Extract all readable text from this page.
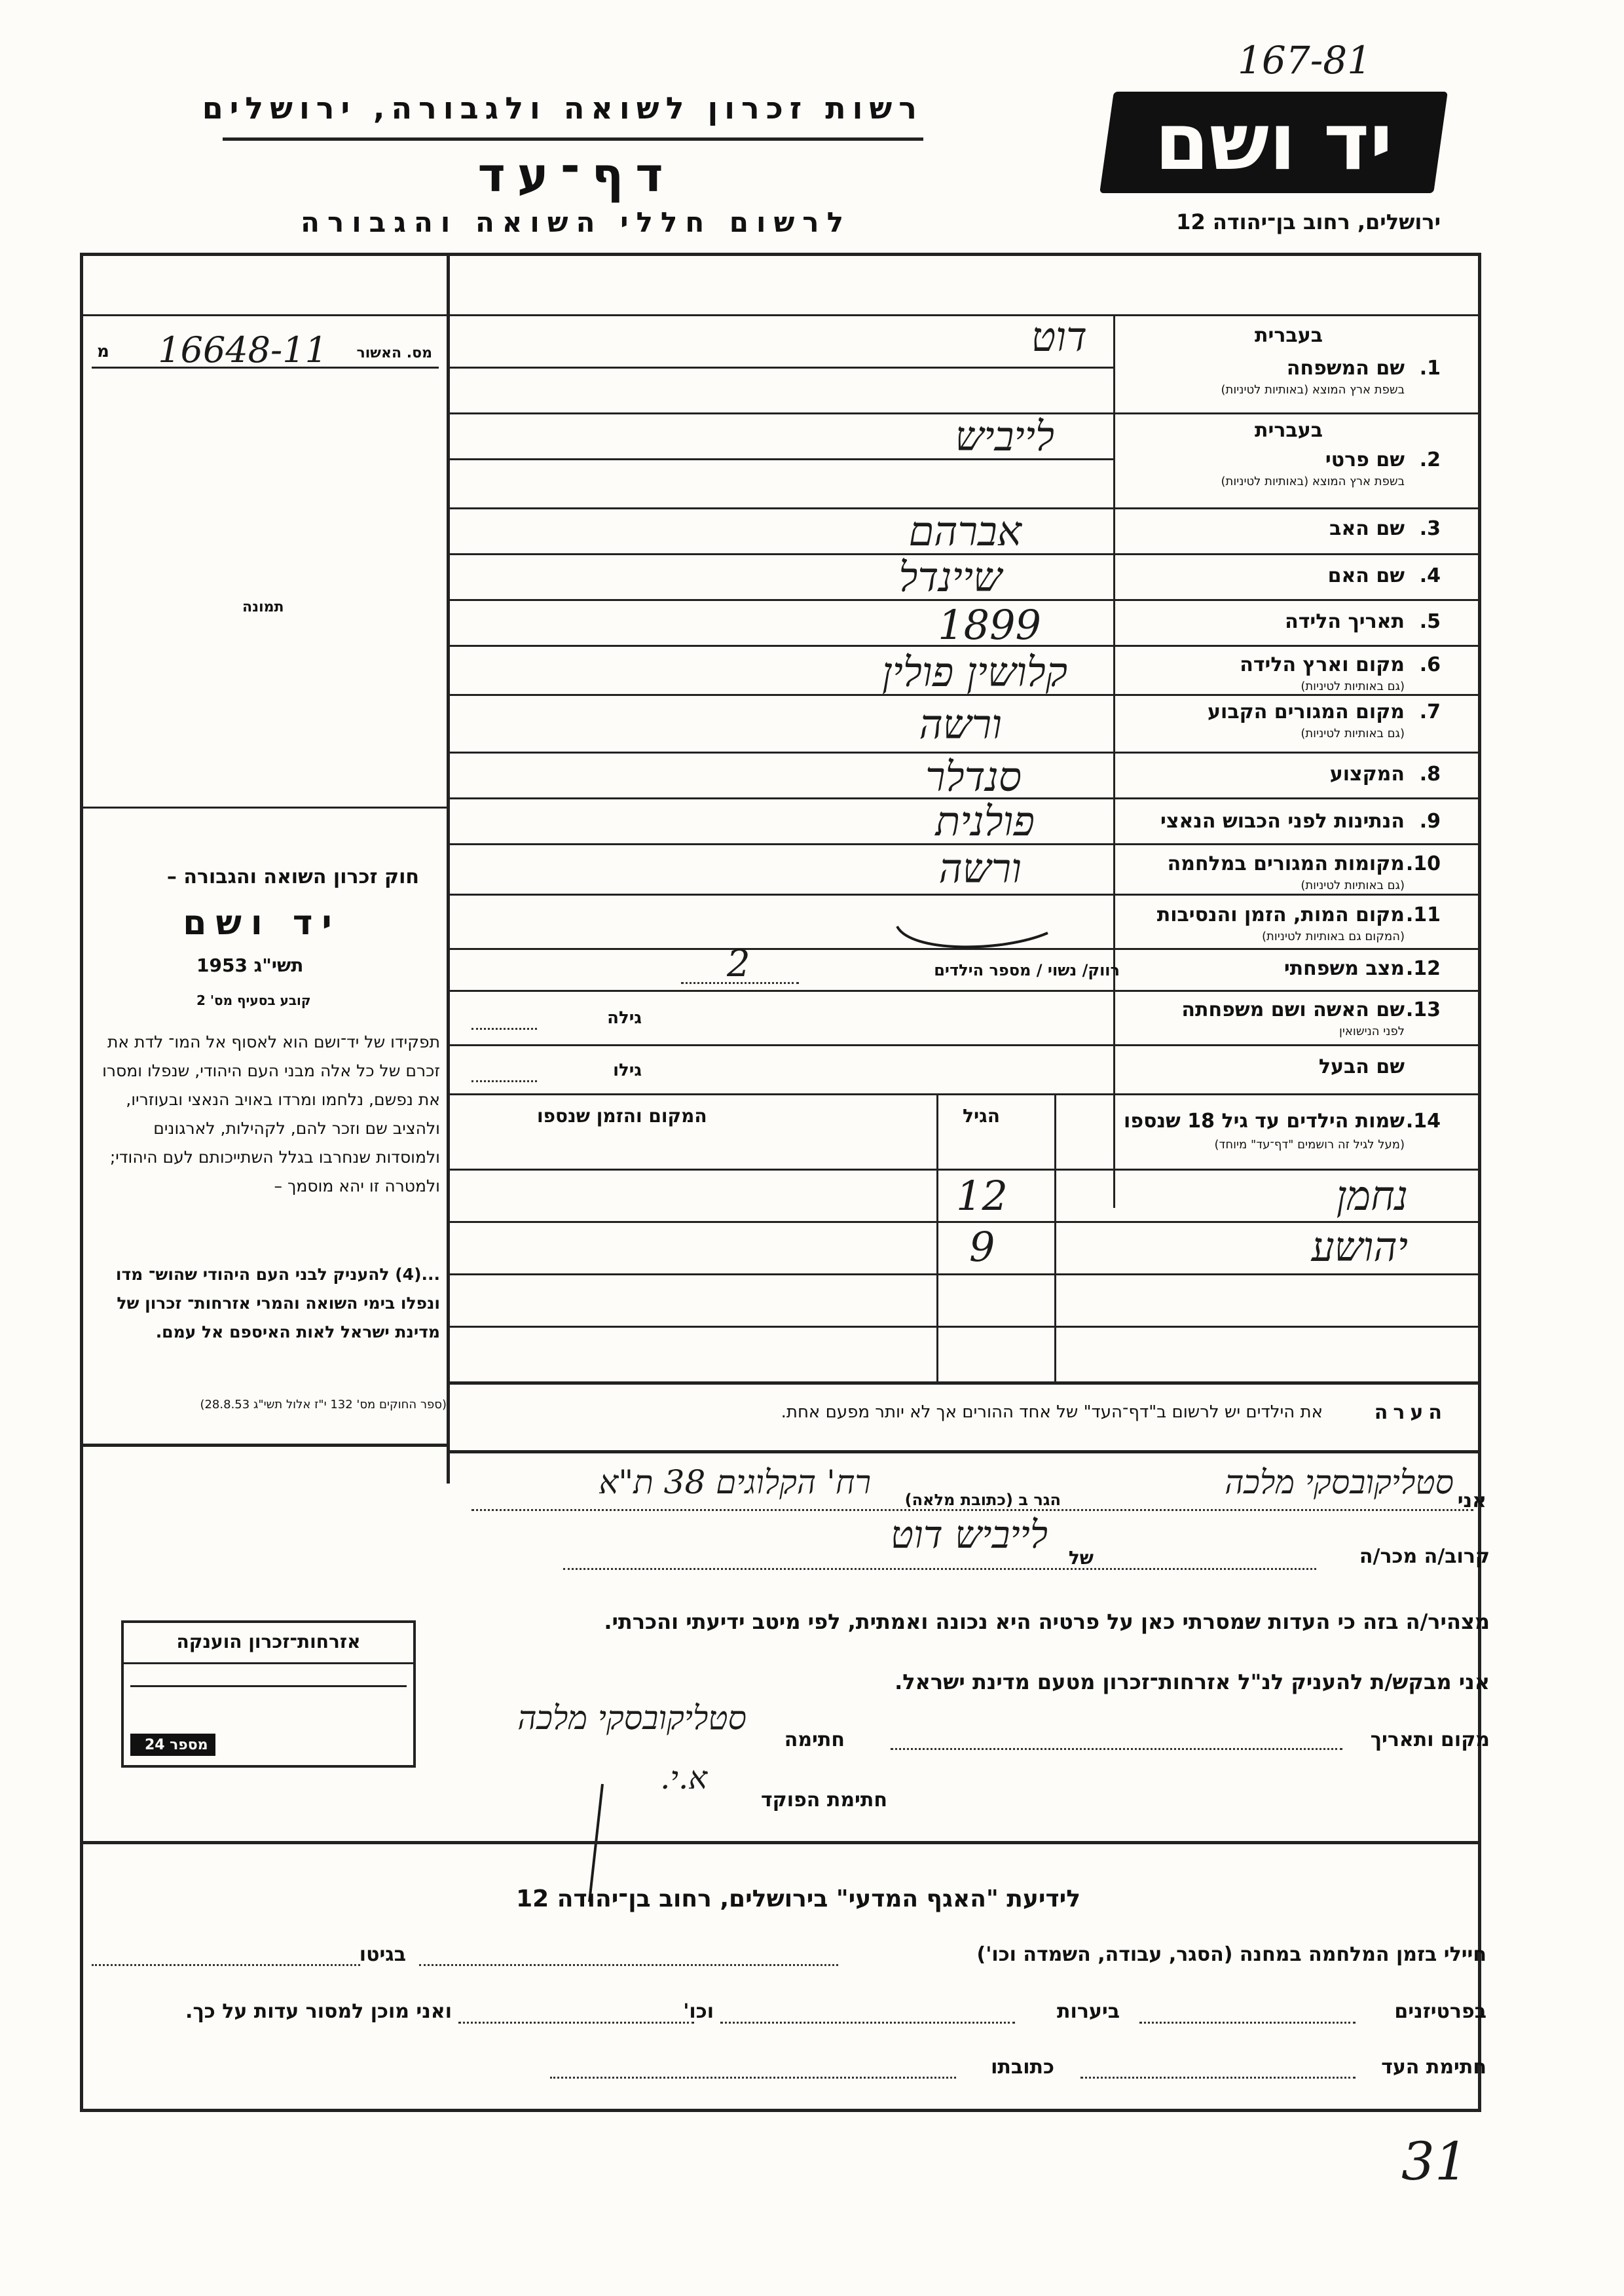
167-81
יד ושם
רשות זכרון לשואה ולגבורה, ירושלים
דף־עד
לרשום חללי השואה והגבורה	ירושלים, רחוב בן־יהודה 12
מס. האשור
16648-11
מ
תמונה
חוק זכרון השואה והגבורה –
יד ושם
תשי"ג 1953
קובע בסעיף מס' 2
תפקידו של יד־ושם הוא לאסוף אל המו־ לדת את זכרם של כל אלה מבני העם היהודי, שנפלו ומסרו את נפשם, נלחמו ומרדו באויב הנאצי ובעוזריו, ולהציב שם וזכר להם, לקהילות, לארגונים ולמוסדות שנחרבו בגלל השתייכותם לעם היהודי; ולמטרה זו יהא מוסמך –
...(4) להעניק לבני העם היהודי שהוש־ מדו ונפלו בימי השואה והמרי אזרחות־ זכרון של מדינת ישראל לאות האיספם אל עמם.
(ספר החוקים מס' 132 י"ז אלול תשי"ג 28.8.53)
בעברית
1.
שם המשפחה
בשפת ארץ המוצא (באותיות לטיניות)
בעברית
2.
שם פרטי
בשפת ארץ המוצא (באותיות לטיניות)
3.
שם האב
4.
שם האם
5.
תאריך הלידה
6.
מקום וארץ הלידה
(גם באותיות לטיניות)
7.
מקום המגורים הקבוע
(גם באותיות לטיניות)
8.
המקצוע
9.
הנתינות לפני הכבוש הנאצי
10.
מקומות המגורים במלחמה
(גם באותיות לטיניות)
11.
מקום המות, הזמן והנסיבות
(המקום גם באותיות לטיניות)
דוט
לייביש
אברהם
שיינדל
1899
קלושין פולין
ורשה
סנדלר
פולנית
ורשה
12.
מצב משפחתי
רווק/ נשוי / מספר הילדים
2
13.
שם האשה ושם משפחתה
לפני הנישואין
גילה
שם הבעל
גילו
14.
שמות הילדים עד גיל 18 שנספו
(מעל לגיל זה רושמים "דף־עד" מיוחד)
הגיל
המקום והזמן שנספו
נחמן
12
יהושע
9
הערה
את הילדים יש לרשום ב"דף־העד" של אחד ההורים אך לא יותר מפעם אחת.
אני
סטליקובסקי מלכה
הגר ב (כתובת מלאה)
רח' הקלוגים 38 ת"א
קרוב/ה מכר/ה
של
לייביש דוט
מצהיר/ה בזה כי העדות שמסרתי כאן על פרטיה היא נכונה ואמתית, לפי מיטב ידיעתי והכרתי.
אני מבקש/ת להעניק לנ"ל אזרחות־זכרון מטעם מדינת ישראל.
מקום ותאריך
חתימה
סטליקובסקי מלכה
חתימת הפוקד
א.י.
אזרחות־זכרון הוענקה
24 מספר
לידיעת "האגף המדעי" בירושלים, רחוב בן־יהודה 12
חיילי בזמן המלחמה במחנה (הסגר, עבודה, השמדה וכו')
בגיטו
בפרטיזנים
ביערות
וכו'
ואני מוכן למסור עדות על כך.
חתימת העד
כתובתו
31
